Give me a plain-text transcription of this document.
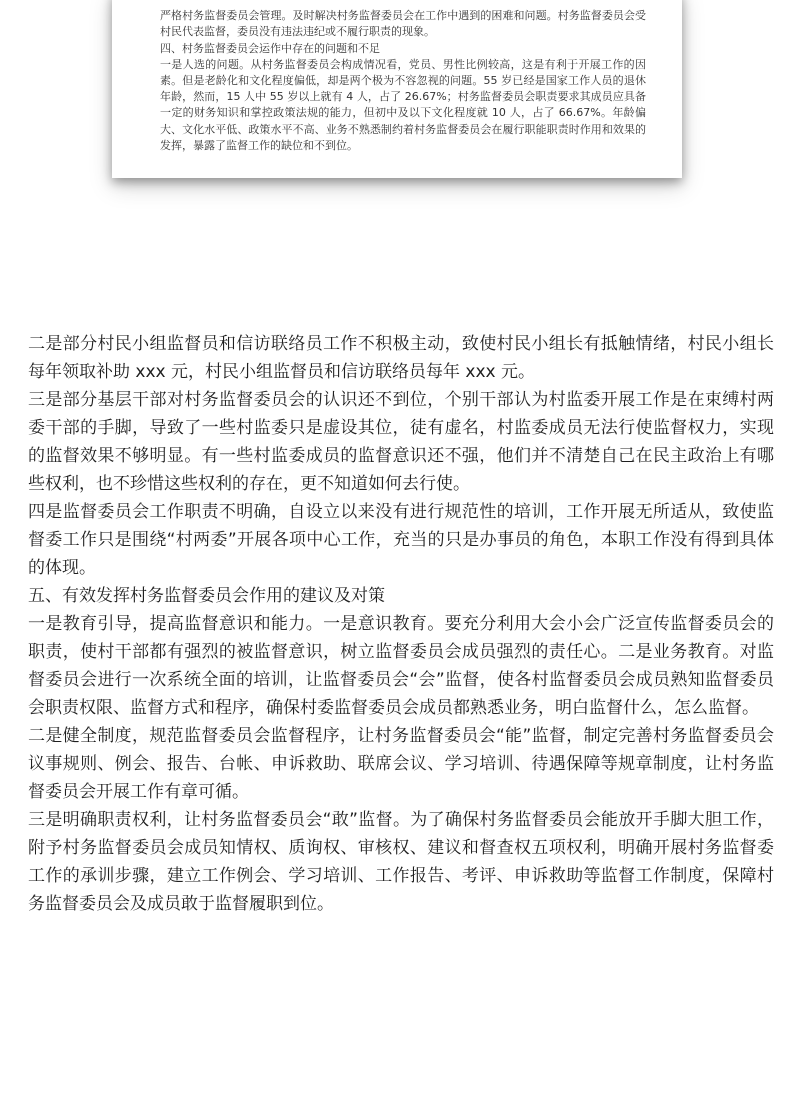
严格村务监督委员会管理。及时解决村务监督委员会在工作中遇到的困难和问题。村务监督委员会受村民代表监督，委员没有违法违纪或不履行职责的现象。

四、村务监督委员会运作中存在的问题和不足

一是人选的问题。从村务监督委员会构成情况看，党员、男性比例较高，这是有利于开展工作的因素。但是老龄化和文化程度偏低，却是两个极为不容忽视的问题。55 岁已经是国家工作人员的退休年龄，然而，15 人中 55 岁以上就有 4 人，占了 26.67%；村务监督委员会职责要求其成员应具备一定的财务知识和掌控政策法规的能力，但初中及以下文化程度就 10 人，占了 66.67%。年龄偏大、文化水平低、政策水平不高、业务不熟悉制约着村务监督委员会在履行职能职责时作用和效果的发挥，暴露了监督工作的缺位和不到位。

二是部分村民小组监督员和信访联络员工作不积极主动，致使村民小组长有抵触情绪，村民小组长每年领取补助 xxx 元，村民小组监督员和信访联络员每年 xxx 元。

三是部分基层干部对村务监督委员会的认识还不到位，个别干部认为村监委开展工作是在束缚村两委干部的手脚，导致了一些村监委只是虚设其位，徒有虚名，村监委成员无法行使监督权力，实现的监督效果不够明显。有一些村监委成员的监督意识还不强，他们并不清楚自己在民主政治上有哪些权利，也不珍惜这些权利的存在，更不知道如何去行使。

四是监督委员会工作职责不明确，自设立以来没有进行规范性的培训，工作开展无所适从，致使监督委工作只是围绕“村两委”开展各项中心工作，充当的只是办事员的角色，本职工作没有得到具体的体现。

五、有效发挥村务监督委员会作用的建议及对策

一是教育引导，提高监督意识和能力。一是意识教育。要充分利用大会小会广泛宣传监督委员会的职责，使村干部都有强烈的被监督意识，树立监督委员会成员强烈的责任心。二是业务教育。对监督委员会进行一次系统全面的培训，让监督委员会“会”监督，使各村监督委员会成员熟知监督委员会职责权限、监督方式和程序，确保村委监督委员会成员都熟悉业务，明白监督什么，怎么监督。

二是健全制度，规范监督委员会监督程序，让村务监督委员会“能”监督，制定完善村务监督委员会议事规则、例会、报告、台帐、申诉救助、联席会议、学习培训、待遇保障等规章制度，让村务监督委员会开展工作有章可循。

三是明确职责权利，让村务监督委员会“敢”监督。为了确保村务监督委员会能放开手脚大胆工作，附予村务监督委员会成员知情权、质询权、审核权、建议和督查权五项权利，明确开展村务监督委工作的承训步骤，建立工作例会、学习培训、工作报告、考评、申诉救助等监督工作制度，保障村务监督委员会及成员敢于监督履职到位。
